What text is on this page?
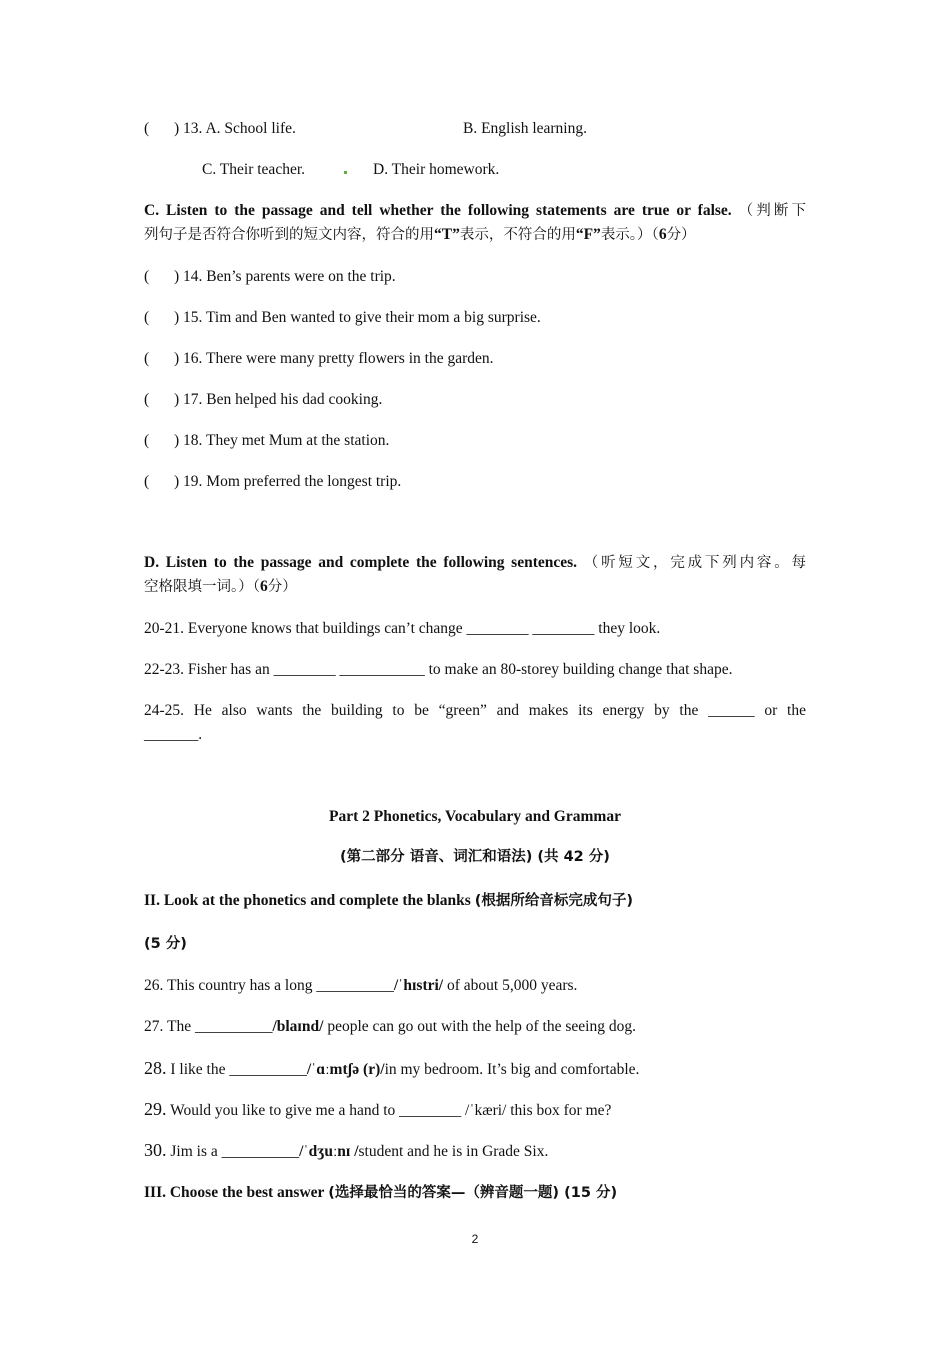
( ) 13. A. School life.	B. English learning.
C. Their teacher.	D. Their homework.
C. Listen to the passage and tell whether the following statements are true or false. （判断下
列句子是否符合你听到的短文内容，符合的用“T”表示，不符合的用“F”表示。）（6分）
( ) 14. Ben’s parents were on the trip.
( ) 15. Tim and Ben wanted to give their mom a big surprise.
( ) 16. There were many pretty flowers in the garden.
( ) 17. Ben helped his dad cooking.
( ) 18. They met Mum at the station.
( ) 19. Mom preferred the longest trip.
D. Listen to the passage and complete the following sentences. （听短文，完成下列内容。每
空格限填一词。）（6分）
20-21. Everyone knows that buildings can’t change ________ ________ they look.
22-23. Fisher has an ________ ___________ to make an 80-storey building change that shape.
24-25. He also wants the building to be “green” and makes its energy by the ______ or the
_______.
Part 2 Phonetics, Vocabulary and Grammar
(第二部分 语音、词汇和语法) (共 42 分)
II. Look at the phonetics and complete the blanks (根据所给音标完成句子)
(5 分)
26. This country has a long __________/ˈhɪstri/ of about 5,000 years.
27. The __________/blaɪnd/ people can go out with the help of the seeing dog.
28. I like the __________/ˈɑːmtʃə (r)/in my bedroom. It’s big and comfortable.
29. Would you like to give me a hand to ________ /ˈkæri/ this box for me?
30. Jim is a __________/ˈdʒuːnɪ /student and he is in Grade Six.
III. Choose the best answer (选择最恰当的答案—（辨音题一题) (15 分)
2
